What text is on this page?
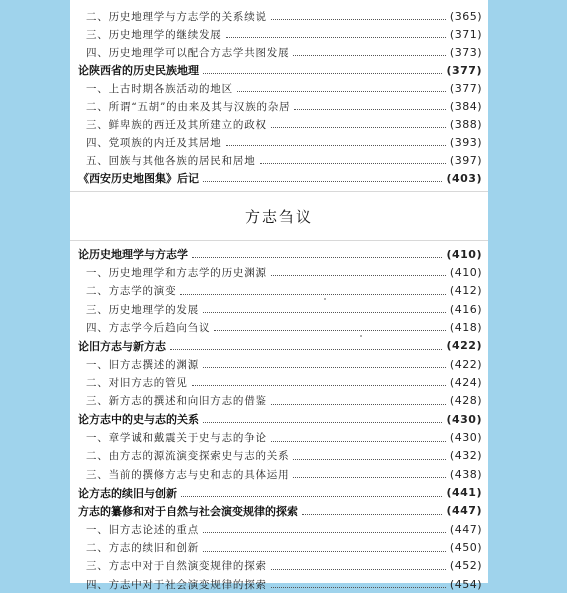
二、历史地理学与方志学的关系续说	(365)
三、历史地理学的继续发展	(371)
四、历史地理学可以配合方志学共图发展	(373)
论陕西省的历史民族地理	(377)
一、上古时期各族活动的地区	(377)
二、所谓“五胡”的由来及其与汉族的杂居	(384)
三、鲜卑族的西迁及其所建立的政权	(388)
四、党项族的内迁及其居地	(393)
五、回族与其他各族的居民和居地	(397)
《西安历史地图集》后记	(403)
方志刍议
论历史地理学与方志学	(410)
一、历史地理学和方志学的历史渊源	(410)
二、方志学的演变	(412)
三、历史地理学的发展	(416)
四、方志学今后趋向刍议	(418)
论旧方志与新方志	(422)
一、旧方志撰述的渊源	(422)
二、对旧方志的管见	(424)
三、新方志的撰述和向旧方志的借鉴	(428)
论方志中的史与志的关系	(430)
一、章学诚和戴震关于史与志的争论	(430)
二、由方志的源流演变探索史与志的关系	(432)
三、当前的撰修方志与史和志的具体运用	(438)
论方志的续旧与创新	(441)
方志的纂修和对于自然与社会演变规律的探索	(447)
一、旧方志论述的重点	(447)
二、方志的续旧和创新	(450)
三、方志中对于自然演变规律的探索	(452)
四、方志中对于社会演变规律的探索	(454)
